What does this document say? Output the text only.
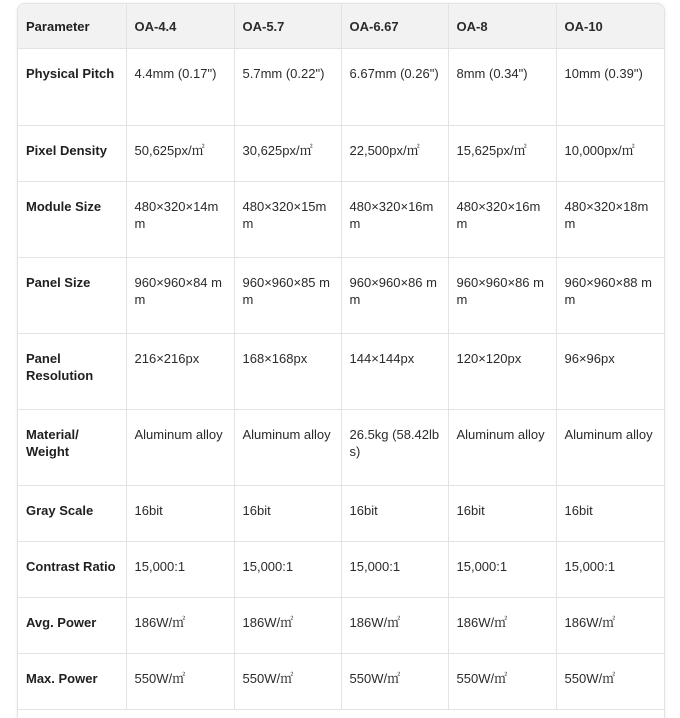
Parameter	OA-4.4	OA-5.7	OA-6.67	OA-8	OA-10
Physical Pitch	4.4mm (0.17")	5.7mm (0.22")	6.67mm (0.26")	8mm (0.34")	10mm (0.39")
Pixel Density	50,625px/㎡	30,625px/㎡	22,500px/㎡	15,625px/㎡	10,000px/㎡
Module Size	480×320×14mm	480×320×15mm	480×320×16mm	480×320×16mm	480×320×18mm
Panel Size	960×960×84 mm	960×960×85 mm	960×960×86 mm	960×960×86 mm	960×960×88 mm
Panel Resolution	216×216px	168×168px	144×144px	120×120px	96×96px
Material/ Weight	Aluminum alloy	Aluminum alloy	26.5kg (58.42lbs)	Aluminum alloy	Aluminum alloy
Gray Scale	16bit	16bit	16bit	16bit	16bit
Contrast Ratio	15,000:1	15,000:1	15,000:1	15,000:1	15,000:1
Avg. Power	186W/㎡	186W/㎡	186W/㎡	186W/㎡	186W/㎡
Max. Power	550W/㎡	550W/㎡	550W/㎡	550W/㎡	550W/㎡
